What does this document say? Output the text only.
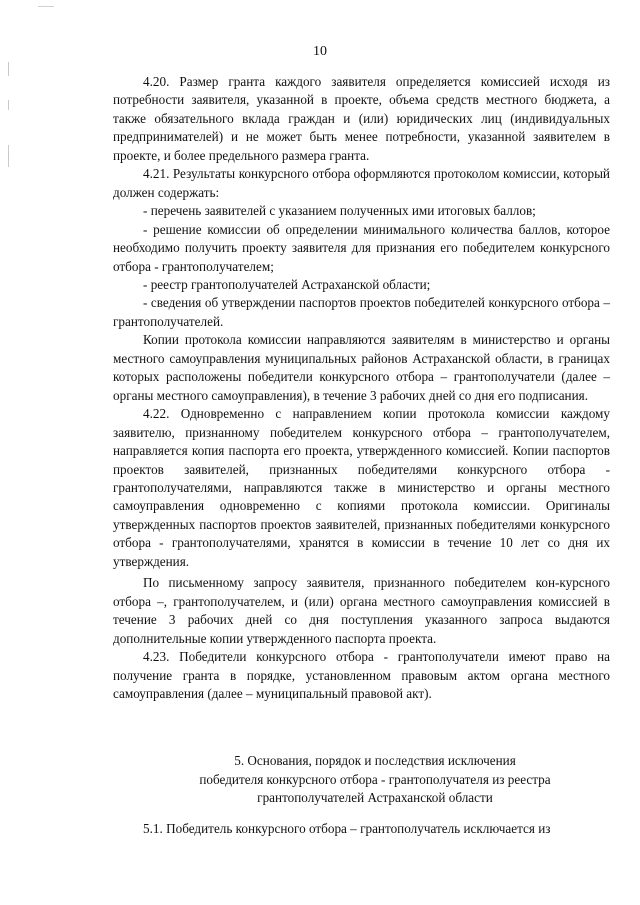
10

4.20. Размер гранта каждого заявителя определяется комиссией исходя из потребности заявителя, указанной в проекте, объема средств местного бюджета, а также обязательного вклада граждан и (или) юридических лиц (индивидуальных предпринимателей) и не может быть менее потребности, указанной заявителем в проекте, и более предельного размера гранта.

4.21. Результаты конкурсного отбора оформляются протоколом комиссии, который должен содержать:

- перечень заявителей с указанием полученных ими итоговых баллов;

- решение комиссии об определении минимального количества баллов, которое необходимо получить проекту заявителя для признания его победителем конкурсного отбора - грантополучателем;

- реестр грантополучателей Астраханской области;

- сведения об утверждении паспортов проектов победителей конкурсного отбора – грантополучателей.

Копии протокола комиссии направляются заявителям в министерство и органы местного самоуправления муниципальных районов Астраханской области, в границах которых расположены победители конкурсного отбора – грантополучатели (далее – органы местного самоуправления), в течение 3 рабочих дней со дня его подписания.

4.22. Одновременно с направлением копии протокола комиссии каждому заявителю, признанному победителем конкурсного отбора – грантополучателем, направляется копия паспорта его проекта, утвержденного комиссией. Копии паспортов проектов заявителей, признанных победителями конкурсного отбора - грантополучателями, направляются также в министерство и органы местного самоуправления одновременно с копиями протокола комиссии. Оригиналы утвержденных паспортов проектов заявителей, признанных победителями конкурсного отбора - грантополучателями, хранятся в комиссии в течение 10 лет со дня их утверждения.

По письменному запросу заявителя, признанного победителем кон-курсного отбора –, грантополучателем, и (или) органа местного самоуправления комиссией в течение 3 рабочих дней со дня поступления указанного запроса выдаются дополнительные копии утвержденного паспорта проекта.

4.23. Победители конкурсного отбора - грантополучатели имеют право на получение гранта в порядке, установленном правовым актом органа местного самоуправления (далее – муниципальный правовой акт).

5. Основания, порядок и последствия исключения
победителя конкурсного отбора - грантополучателя из реестра
грантополучателей Астраханской области

5.1. Победитель конкурсного отбора – грантополучатель исключается из
